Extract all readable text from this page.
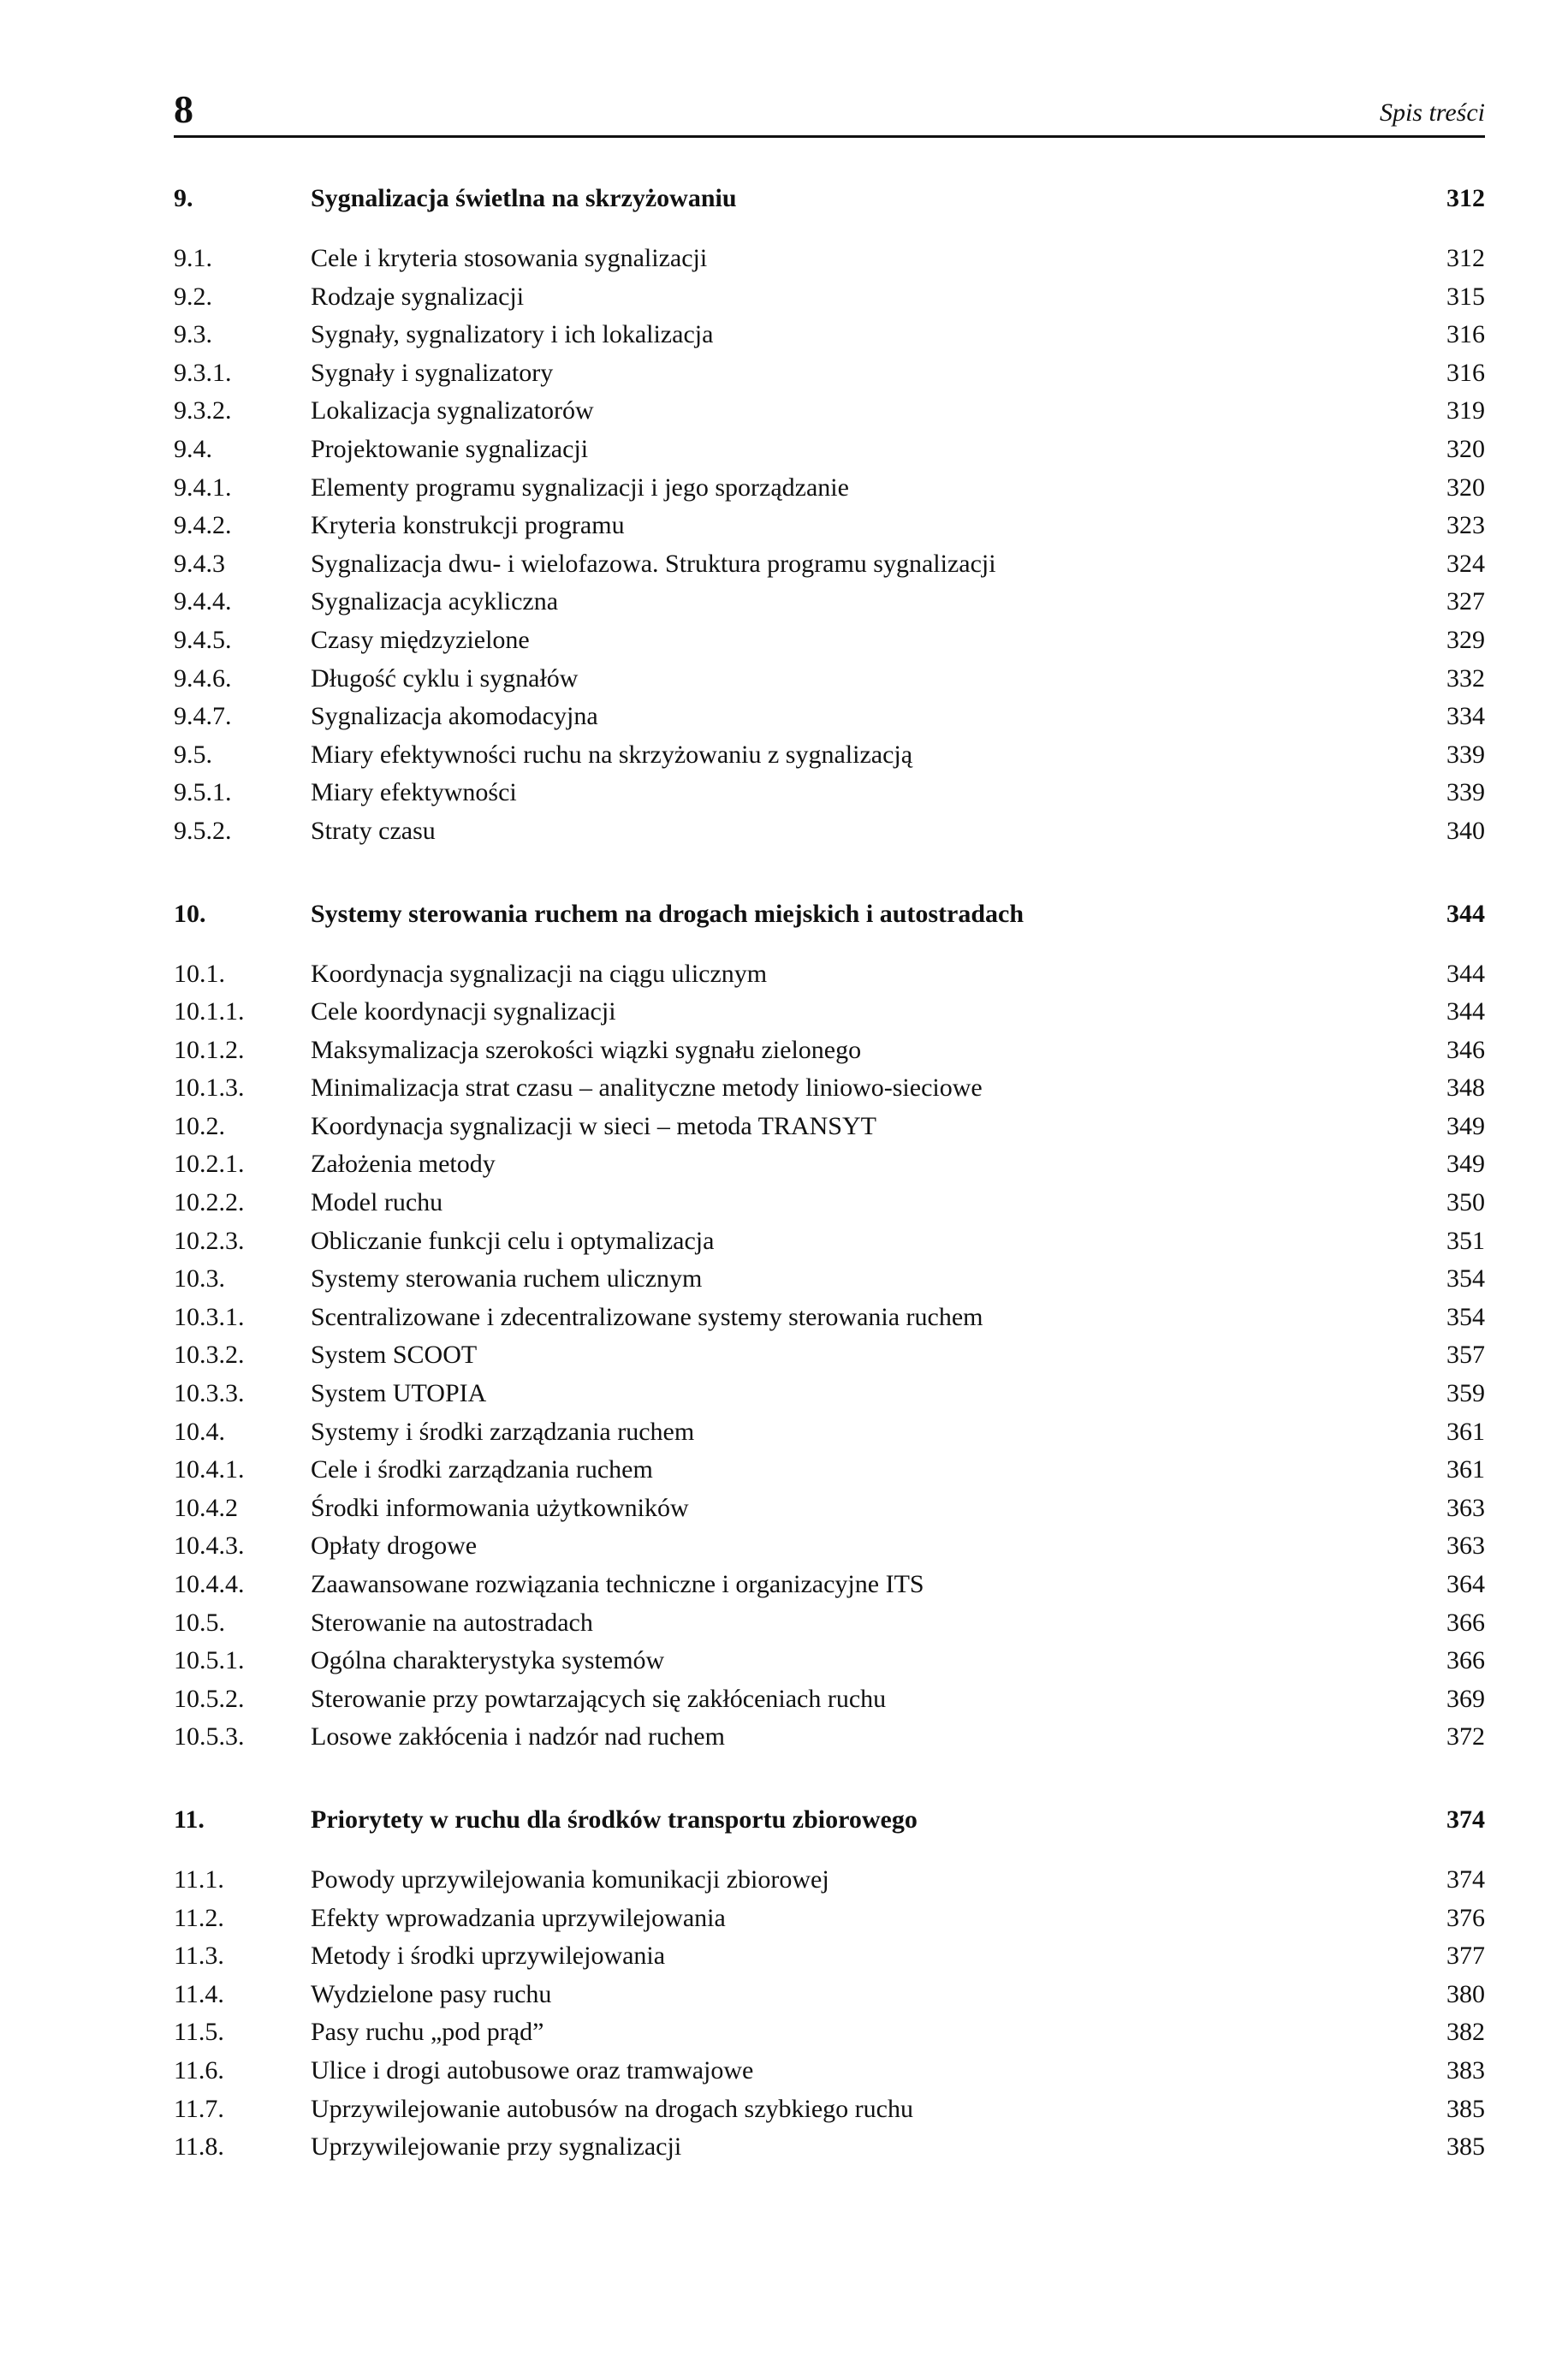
8	Spis treści
9.	Sygnalizacja świetlna na skrzyżowaniu	312
9.1.	Cele i kryteria stosowania sygnalizacji	312
9.2.	Rodzaje sygnalizacji	315
9.3.	Sygnały, sygnalizatory i ich lokalizacja	316
9.3.1.	Sygnały i sygnalizatory	316
9.3.2.	Lokalizacja sygnalizatorów	319
9.4.	Projektowanie sygnalizacji	320
9.4.1.	Elementy programu sygnalizacji i jego sporządzanie	320
9.4.2.	Kryteria konstrukcji programu	323
9.4.3	Sygnalizacja dwu- i wielofazowa. Struktura programu sygnalizacji	324
9.4.4.	Sygnalizacja acykliczna	327
9.4.5.	Czasy międzyzielone	329
9.4.6.	Długość cyklu i sygnałów	332
9.4.7.	Sygnalizacja akomodacyjna	334
9.5.	Miary efektywności ruchu na skrzyżowaniu z sygnalizacją	339
9.5.1.	Miary efektywności	339
9.5.2.	Straty czasu	340
10.	Systemy sterowania ruchem na drogach miejskich i autostradach	344
10.1.	Koordynacja sygnalizacji na ciągu ulicznym	344
10.1.1.	Cele koordynacji sygnalizacji	344
10.1.2.	Maksymalizacja szerokości wiązki sygnału zielonego	346
10.1.3.	Minimalizacja strat czasu – analityczne metody liniowo-sieciowe	348
10.2.	Koordynacja sygnalizacji w sieci – metoda TRANSYT	349
10.2.1.	Założenia metody	349
10.2.2.	Model ruchu	350
10.2.3.	Obliczanie funkcji celu i optymalizacja	351
10.3.	Systemy sterowania ruchem ulicznym	354
10.3.1.	Scentralizowane i zdecentralizowane systemy sterowania ruchem	354
10.3.2.	System SCOOT	357
10.3.3.	System UTOPIA	359
10.4.	Systemy i środki zarządzania ruchem	361
10.4.1.	Cele i środki zarządzania ruchem	361
10.4.2	Środki informowania użytkowników	363
10.4.3.	Opłaty drogowe	363
10.4.4.	Zaawansowane rozwiązania techniczne i organizacyjne ITS	364
10.5.	Sterowanie na autostradach	366
10.5.1.	Ogólna charakterystyka systemów	366
10.5.2.	Sterowanie przy powtarzających się zakłóceniach ruchu	369
10.5.3.	Losowe zakłócenia i nadzór nad ruchem	372
11.	Priorytety w ruchu dla środków transportu zbiorowego	374
11.1.	Powody uprzywilejowania komunikacji zbiorowej	374
11.2.	Efekty wprowadzania uprzywilejowania	376
11.3.	Metody i środki uprzywilejowania	377
11.4.	Wydzielone pasy ruchu	380
11.5.	Pasy ruchu „pod prąd”	382
11.6.	Ulice i drogi autobusowe oraz tramwajowe	383
11.7.	Uprzywilejowanie autobusów na drogach szybkiego ruchu	385
11.8.	Uprzywilejowanie przy sygnalizacji	385
